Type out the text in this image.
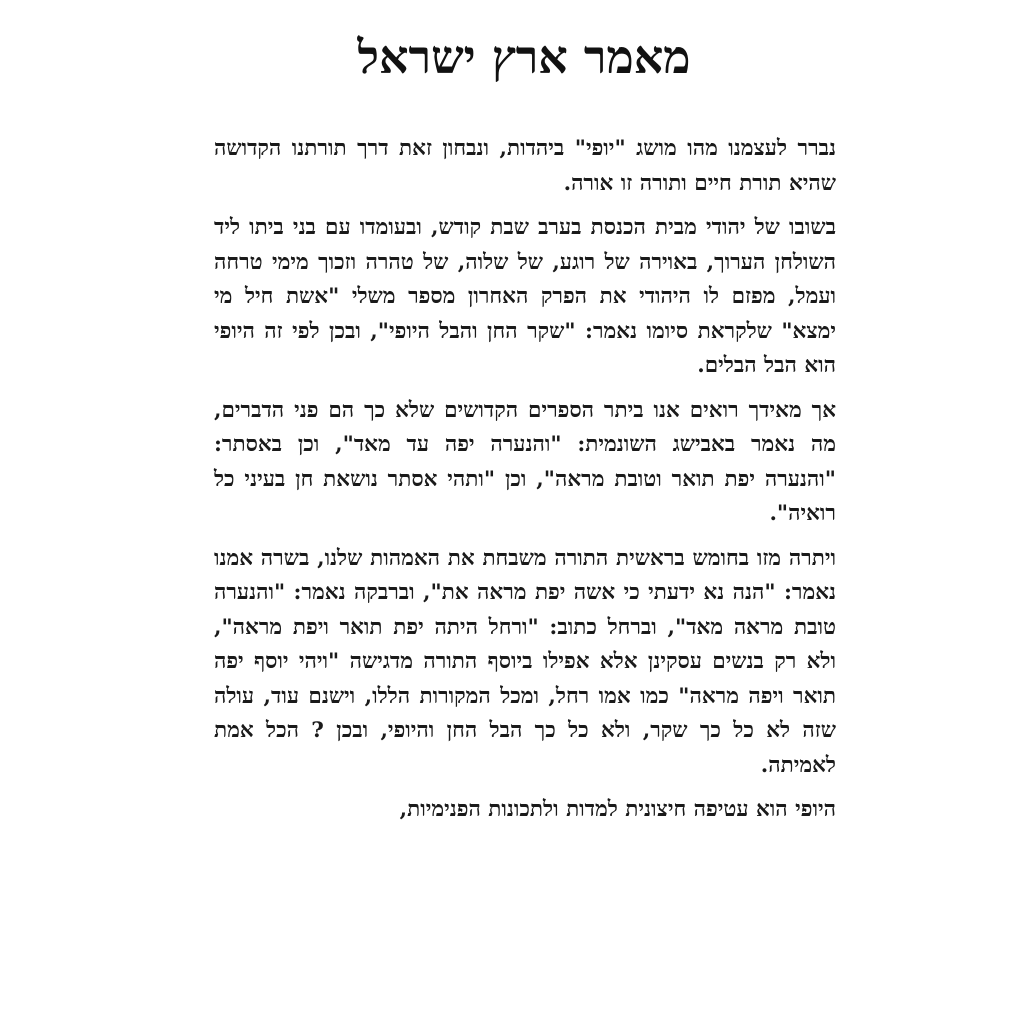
מאמר ארץ ישראל

נברר לעצמנו מהו מושג "יופי" ביהדות, ונבחון זאת דרך תורתנו הקדושה שהיא תורת חיים ותורה זו אורה.

בשובו של יהודי מבית הכנסת בערב שבת קודש, ובעומדו עם בני ביתו ליד השולחן הערוך, באוירה של רוגע, של שלוה, של טהרה וזכוך מימי טרחה ועמל, מפזם לו היהודי את הפרק האחרון מספר משלי "אשת חיל מי ימצא" שלקראת סיומו נאמר: "שקר החן והבל היופי", ובכן לפי זה היופי הוא הבל הבלים.

אך מאידך רואים אנו ביתר הספרים הקדושים שלא כך הם פני הדברים, מה נאמר באבישג השונמית: "והנערה יפה עד מאד", וכן באסתר: "והנערה יפת תואר וטובת מראה", וכן "ותהי אסתר נושאת חן בעיני כל רואיה".

ויתרה מזו בחומש בראשית התורה משבחת את האמהות שלנו, בשרה אמנו נאמר: "הנה נא ידעתי כי אשה יפת מראה את", וברבקה נאמר: "והנערה טובת מראה מאד", וברחל כתוב: "ורחל היתה יפת תואר ויפת מראה", ולא רק בנשים עסקינן אלא אפילו ביוסף התורה מדגישה "ויהי יוסף יפה תואר ויפה מראה" כמו אמו רחל, ומכל המקורות הללו, וישנם עוד, עולה שזה לא כל כך שקר, ולא כל כך הבל החן והיופי, ובכן ? הכל אמת לאמיתה.

היופי הוא עטיפה חיצונית למדות ולתכונות הפנימיות,
